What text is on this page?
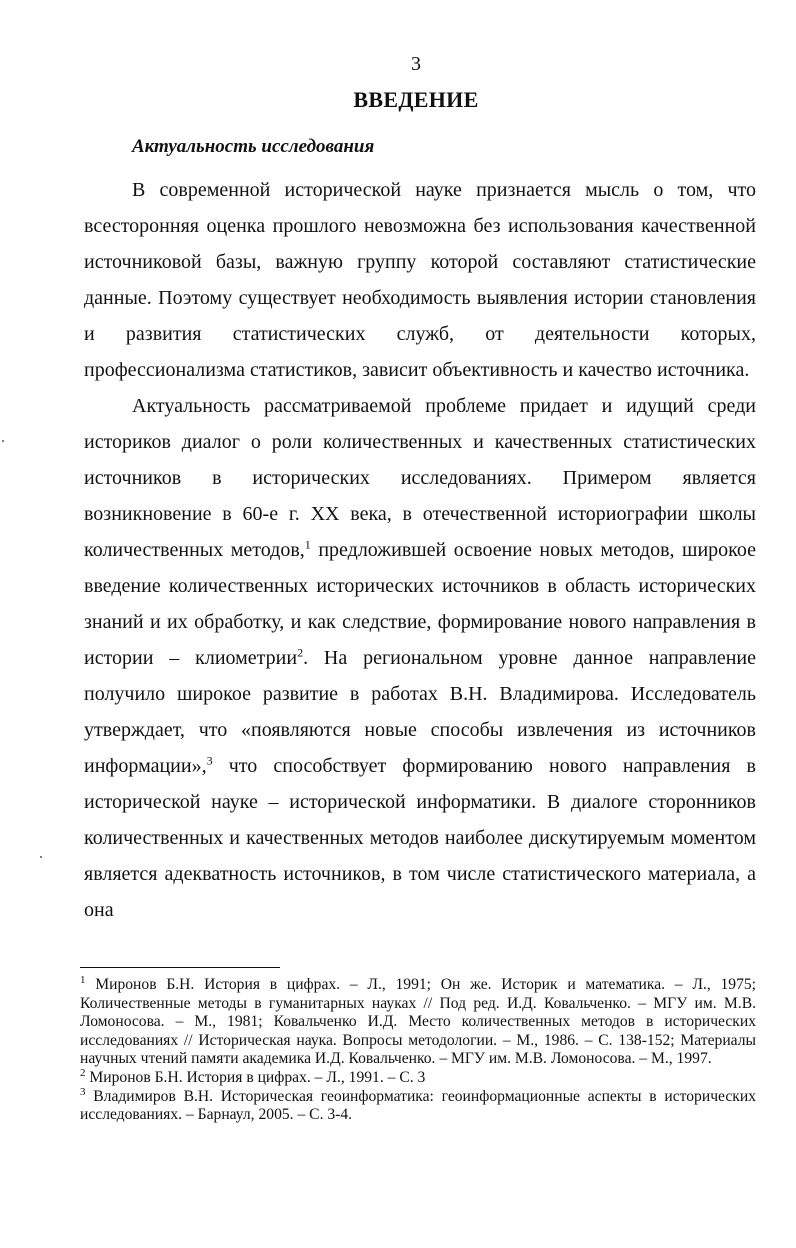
3
ВВЕДЕНИЕ
Актуальность исследования

В современной исторической науке признается мысль о том, что всесторонняя оценка прошлого невозможна без использования качественной источниковой базы, важную группу которой составляют статистические данные. Поэтому существует необходимость выявления истории становления и развития статистических служб, от деятельности которых, профессионализма статистиков, зависит объективность и качество источника.

Актуальность рассматриваемой проблеме придает и идущий среди историков диалог о роли количественных и качественных статистических источников в исторических исследованиях. Примером является возникновение в 60-е г. XX века, в отечественной историографии школы количественных методов,$^1$ предложившей освоение новых методов, широкое введение количественных исторических источников в область исторических знаний и их обработку, и как следствие, формирование нового направления в истории – клиометрии$^2$. На региональном уровне данное направление получило широкое развитие в работах В.Н. Владимирова. Исследователь утверждает, что «появляются новые способы извлечения из источников информации»,$^3$ что способствует формированию нового направления в исторической науке – исторической информатики. В диалоге сторонников количественных и качественных методов наиболее дискутируемым моментом является адекватность источников, в том числе статистического материала, а она

$^1$ Миронов Б.Н. История в цифрах. – Л., 1991; Он же. Историк и математика. – Л., 1975; Количественные методы в гуманитарных науках // Под ред. И.Д. Ковальченко. – МГУ им. М.В. Ломоносова. – М., 1981; Ковальченко И.Д. Место количественных методов в исторических исследованиях // Историческая наука. Вопросы методологии. – М., 1986. – С. 138-152; Материалы научных чтений памяти академика И.Д. Ковальченко. – МГУ им. М.В. Ломоносова. – М., 1997.

$^2$ Миронов Б.Н. История в цифрах. – Л., 1991. – С. 3

$^3$ Владимиров В.Н. Историческая геоинформатика: геоинформационные аспекты в исторических исследованиях. – Барнаул, 2005. – С. 3-4.
